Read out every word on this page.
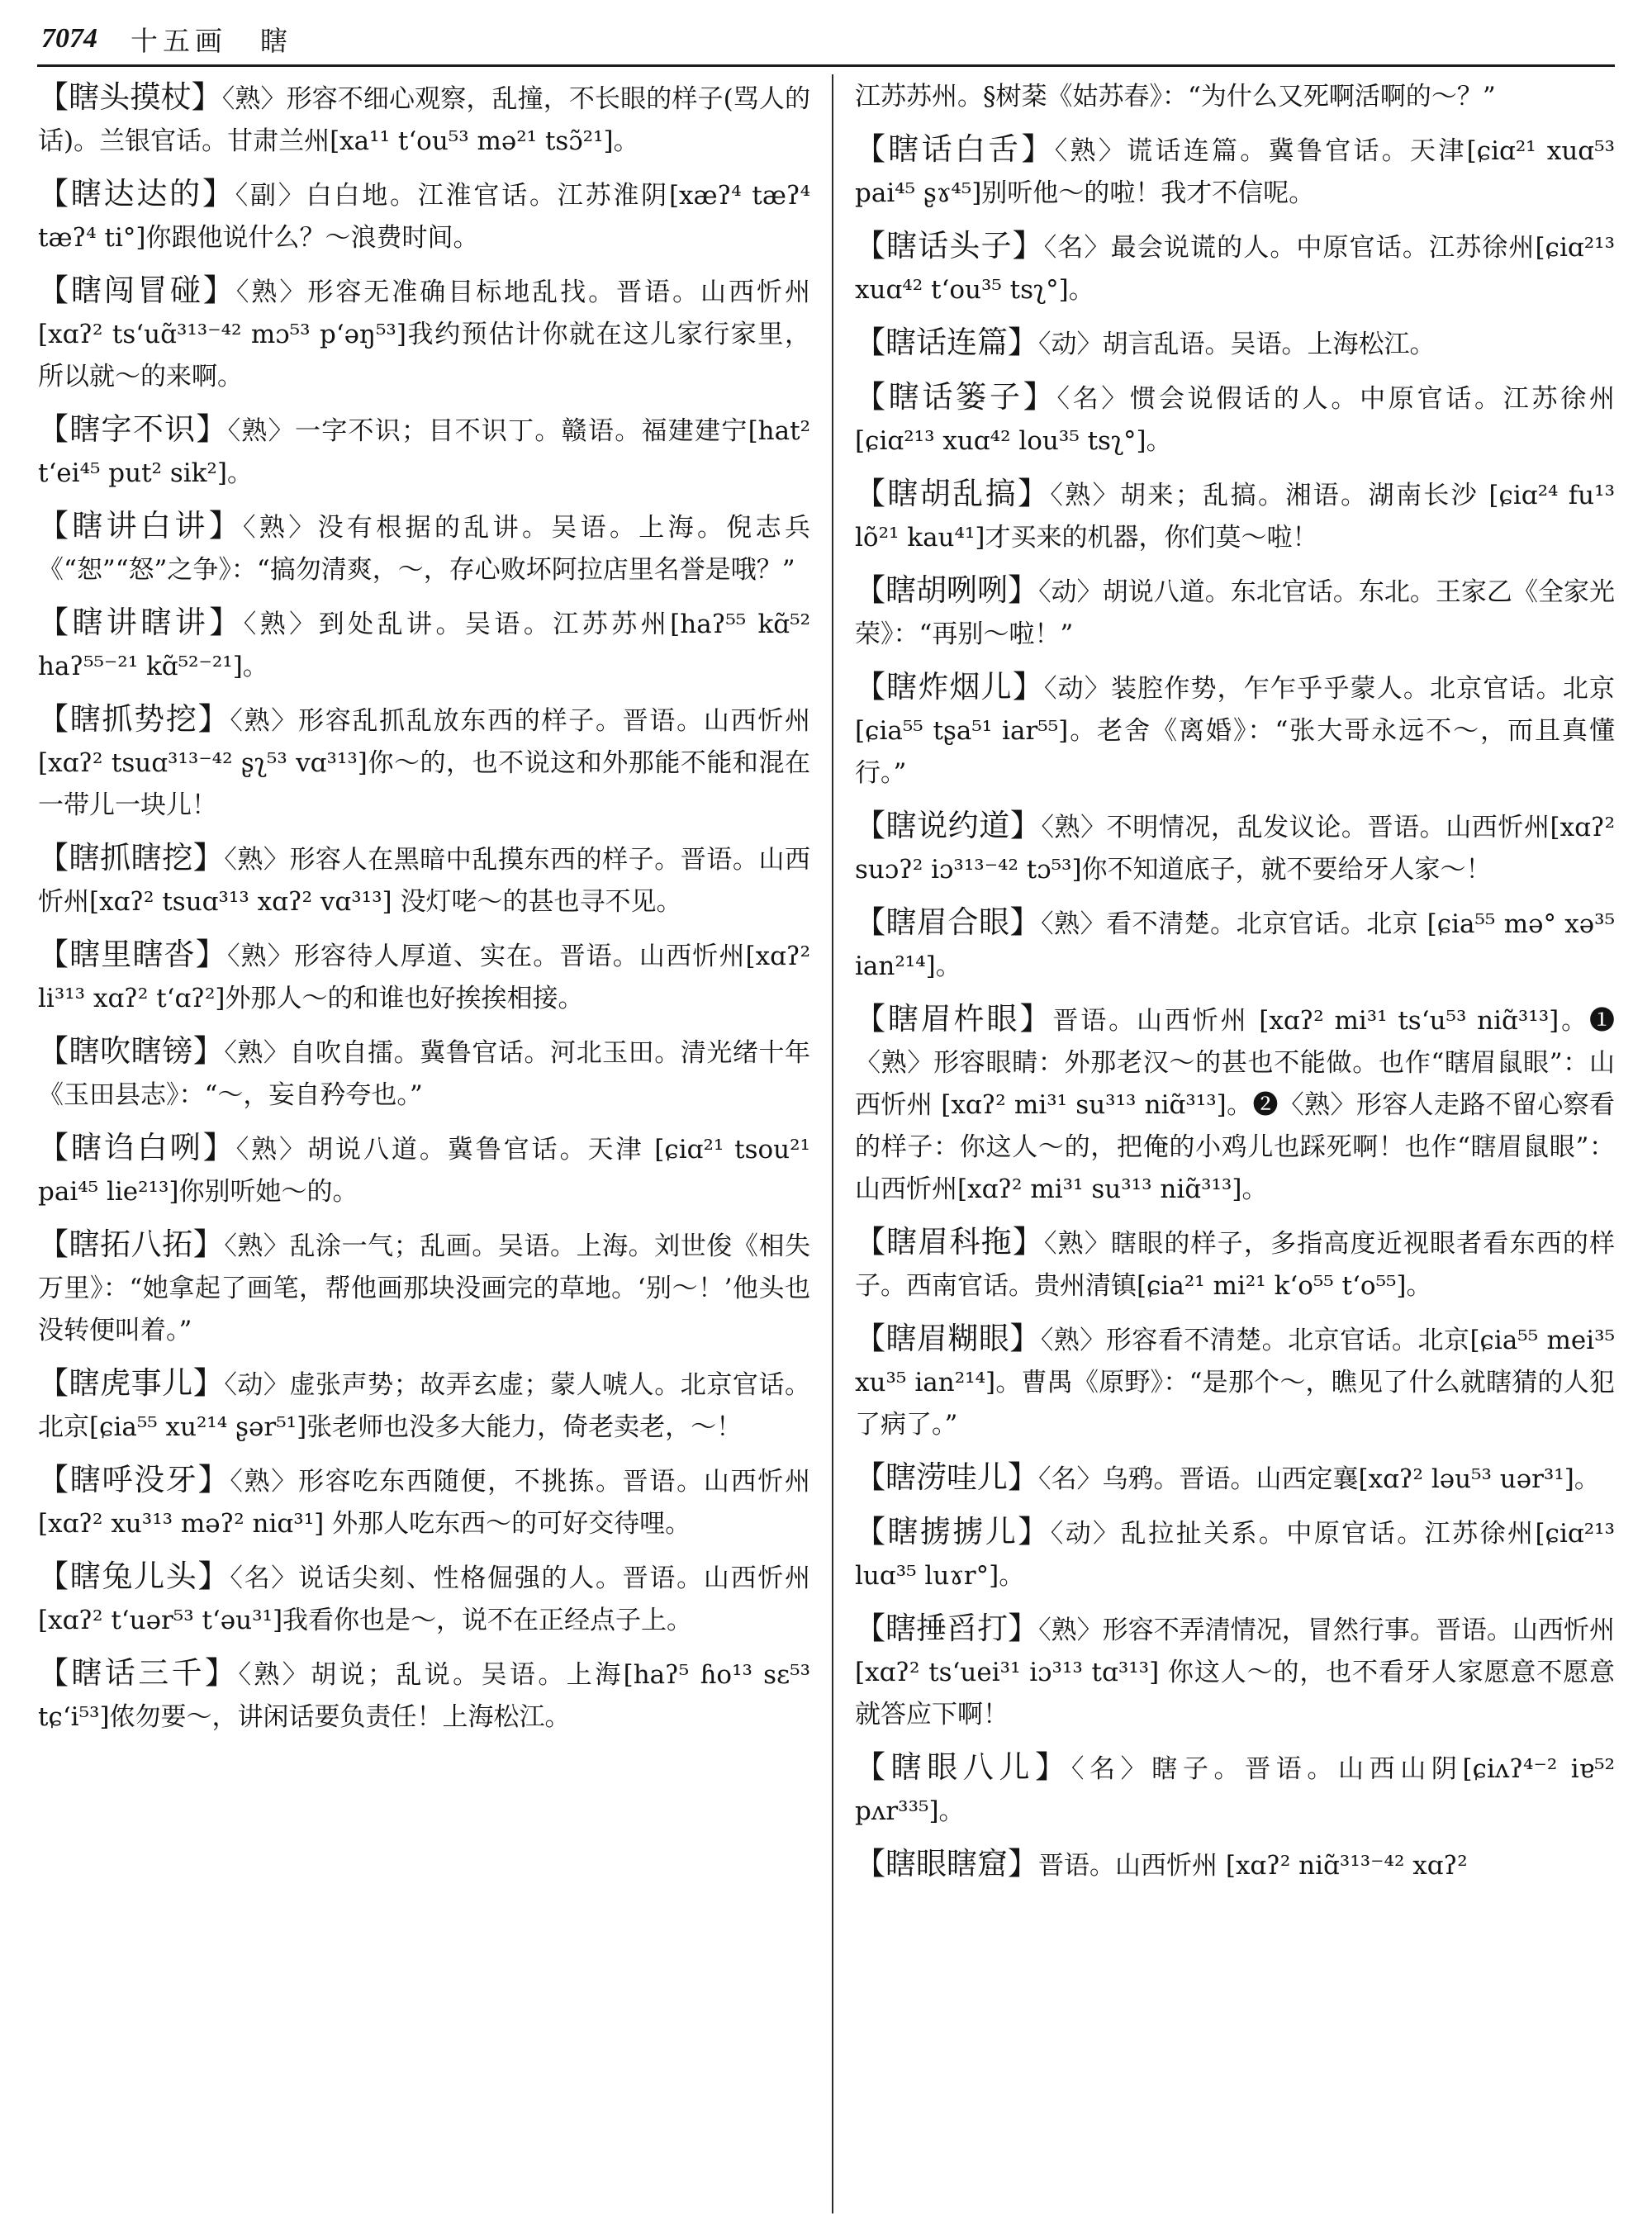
7074 十五画 瞎

【瞎头摸杖】〈熟〉形容不细心观察，乱撞，不长眼的样子(骂人的话)。兰银官话。甘肃兰州[xa¹¹ tʻou⁵³ mə²¹ tsɔ̃²¹]。

【瞎达达的】〈副〉白白地。江淮官话。江苏淮阴[xæʔ⁴ tæʔ⁴ tæʔ⁴ ti°]你跟他说什么？～浪费时间。

【瞎闯冒碰】〈熟〉形容无准确目标地乱找。晋语。山西忻州[xɑʔ² tsʻuɑ̃³¹³⁻⁴² mɔ⁵³ pʻəŋ⁵³]我约预估计你就在这儿家行家里，所以就～的来啊。

【瞎字不识】〈熟〉一字不识；目不识丁。赣语。福建建宁[hat² tʻei⁴⁵ put² sik²]。

【瞎讲白讲】〈熟〉没有根据的乱讲。吴语。上海。倪志兵《“恕”“怒”之争》：“搞勿清爽，～，存心败坏阿拉店里名誉是哦？”

【瞎讲瞎讲】〈熟〉到处乱讲。吴语。江苏苏州[haʔ⁵⁵ kɑ̃⁵² haʔ⁵⁵⁻²¹ kɑ̃⁵²⁻²¹]。

【瞎抓势挖】〈熟〉形容乱抓乱放东西的样子。晋语。山西忻州[xɑʔ² tsuɑ³¹³⁻⁴² ʂʅ⁵³ vɑ³¹³]你～的，也不说这和外那能不能和混在一带儿一块儿！

【瞎抓瞎挖】〈熟〉形容人在黑暗中乱摸东西的样子。晋语。山西忻州[xɑʔ² tsuɑ³¹³ xɑʔ² vɑ³¹³] 没灯咾～的甚也寻不见。

【瞎里瞎沓】〈熟〉形容待人厚道、实在。晋语。山西忻州[xɑʔ² li³¹³ xɑʔ² tʻɑʔ²]外那人～的和谁也好挨挨相接。

【瞎吹瞎镑】〈熟〉自吹自擂。冀鲁官话。河北玉田。清光绪十年《玉田县志》：“～，妄自矜夸也。”

【瞎诌白咧】〈熟〉胡说八道。冀鲁官话。天津 [ɕiɑ²¹ tsou²¹ pai⁴⁵ lie²¹³]你别听她～的。

【瞎拓八拓】〈熟〉乱涂一气；乱画。吴语。上海。刘世俊《相失万里》：“她拿起了画笔，帮他画那块没画完的草地。‘别～！’他头也没转便叫着。”

【瞎虎事儿】〈动〉虚张声势；故弄玄虚；蒙人唬人。北京官话。北京[ɕia⁵⁵ xu²¹⁴ ʂər⁵¹]张老师也没多大能力，倚老卖老，～！

【瞎呼没牙】〈熟〉形容吃东西随便，不挑拣。晋语。山西忻州[xɑʔ² xu³¹³ məʔ² niɑ³¹] 外那人吃东西～的可好交待哩。

【瞎兔儿头】〈名〉说话尖刻、性格倔强的人。晋语。山西忻州[xɑʔ² tʻuər⁵³ tʻəu³¹]我看你也是～，说不在正经点子上。

【瞎话三千】〈熟〉胡说；乱说。吴语。上海[haʔ⁵ ɦo¹³ sɛ⁵³ tɕʻi⁵³]侬勿要～，讲闲话要负责任！上海松江。

江苏苏州。§树棻《姑苏春》：“为什么又死啊活啊的～？”

【瞎话白舌】〈熟〉谎话连篇。冀鲁官话。天津[ɕiɑ²¹ xuɑ⁵³ pai⁴⁵ ʂɤ⁴⁵]别听他～的啦！我才不信呢。

【瞎话头子】〈名〉最会说谎的人。中原官话。江苏徐州[ɕiɑ²¹³ xuɑ⁴² tʻou³⁵ tsʅ°]。

【瞎话连篇】〈动〉胡言乱语。吴语。上海松江。

【瞎话篓子】〈名〉惯会说假话的人。中原官话。江苏徐州[ɕiɑ²¹³ xuɑ⁴² lou³⁵ tsʅ°]。

【瞎胡乱搞】〈熟〉胡来；乱搞。湘语。湖南长沙 [ɕiɑ²⁴ fu¹³ lõ²¹ kau⁴¹]才买来的机器，你们莫～啦！

【瞎胡咧咧】〈动〉胡说八道。东北官话。东北。王家乙《全家光荣》：“再别～啦！”

【瞎炸烟儿】〈动〉装腔作势，乍乍乎乎蒙人。北京官话。北京[ɕia⁵⁵ tʂa⁵¹ iar⁵⁵]。老舍《离婚》：“张大哥永远不～，而且真懂行。”

【瞎说约道】〈熟〉不明情况，乱发议论。晋语。山西忻州[xɑʔ² suɔʔ² iɔ³¹³⁻⁴² tɔ⁵³]你不知道底子，就不要给牙人家～！

【瞎眉合眼】〈熟〉看不清楚。北京官话。北京 [ɕia⁵⁵ mə° xə³⁵ ian²¹⁴]。

【瞎眉杵眼】晋语。山西忻州 [xɑʔ² mi³¹ tsʻu⁵³ niɑ̃³¹³]。❶〈熟〉形容眼睛：外那老汉～的甚也不能做。也作“瞎眉鼠眼”：山西忻州 [xɑʔ² mi³¹ su³¹³ niɑ̃³¹³]。❷〈熟〉形容人走路不留心察看的样子：你这人～的，把俺的小鸡儿也踩死啊！也作“瞎眉鼠眼”：山西忻州[xɑʔ² mi³¹ su³¹³ niɑ̃³¹³]。

【瞎眉科拖】〈熟〉瞎眼的样子，多指高度近视眼者看东西的样子。西南官话。贵州清镇[ɕia²¹ mi²¹ kʻo⁵⁵ tʻo⁵⁵]。

【瞎眉糊眼】〈熟〉形容看不清楚。北京官话。北京[ɕia⁵⁵ mei³⁵ xu³⁵ ian²¹⁴]。曹禺《原野》：“是那个～，瞧见了什么就瞎猜的人犯了病了。”

【瞎涝哇儿】〈名〉乌鸦。晋语。山西定襄[xɑʔ² ləu⁵³ uər³¹]。

【瞎掳掳儿】〈动〉乱拉扯关系。中原官话。江苏徐州[ɕiɑ²¹³ luɑ³⁵ luɤr°]。

【瞎捶舀打】〈熟〉形容不弄清情况，冒然行事。晋语。山西忻州[xɑʔ² tsʻuei³¹ iɔ³¹³ tɑ³¹³] 你这人～的，也不看牙人家愿意不愿意就答应下啊！

【瞎眼八儿】〈名〉瞎子。晋语。山西山阴[ɕiʌʔ⁴⁻² iɐ⁵² pʌr³³⁵]。

【瞎眼瞎窟】晋语。山西忻州 [xɑʔ² niɑ̃³¹³⁻⁴² xɑʔ²
